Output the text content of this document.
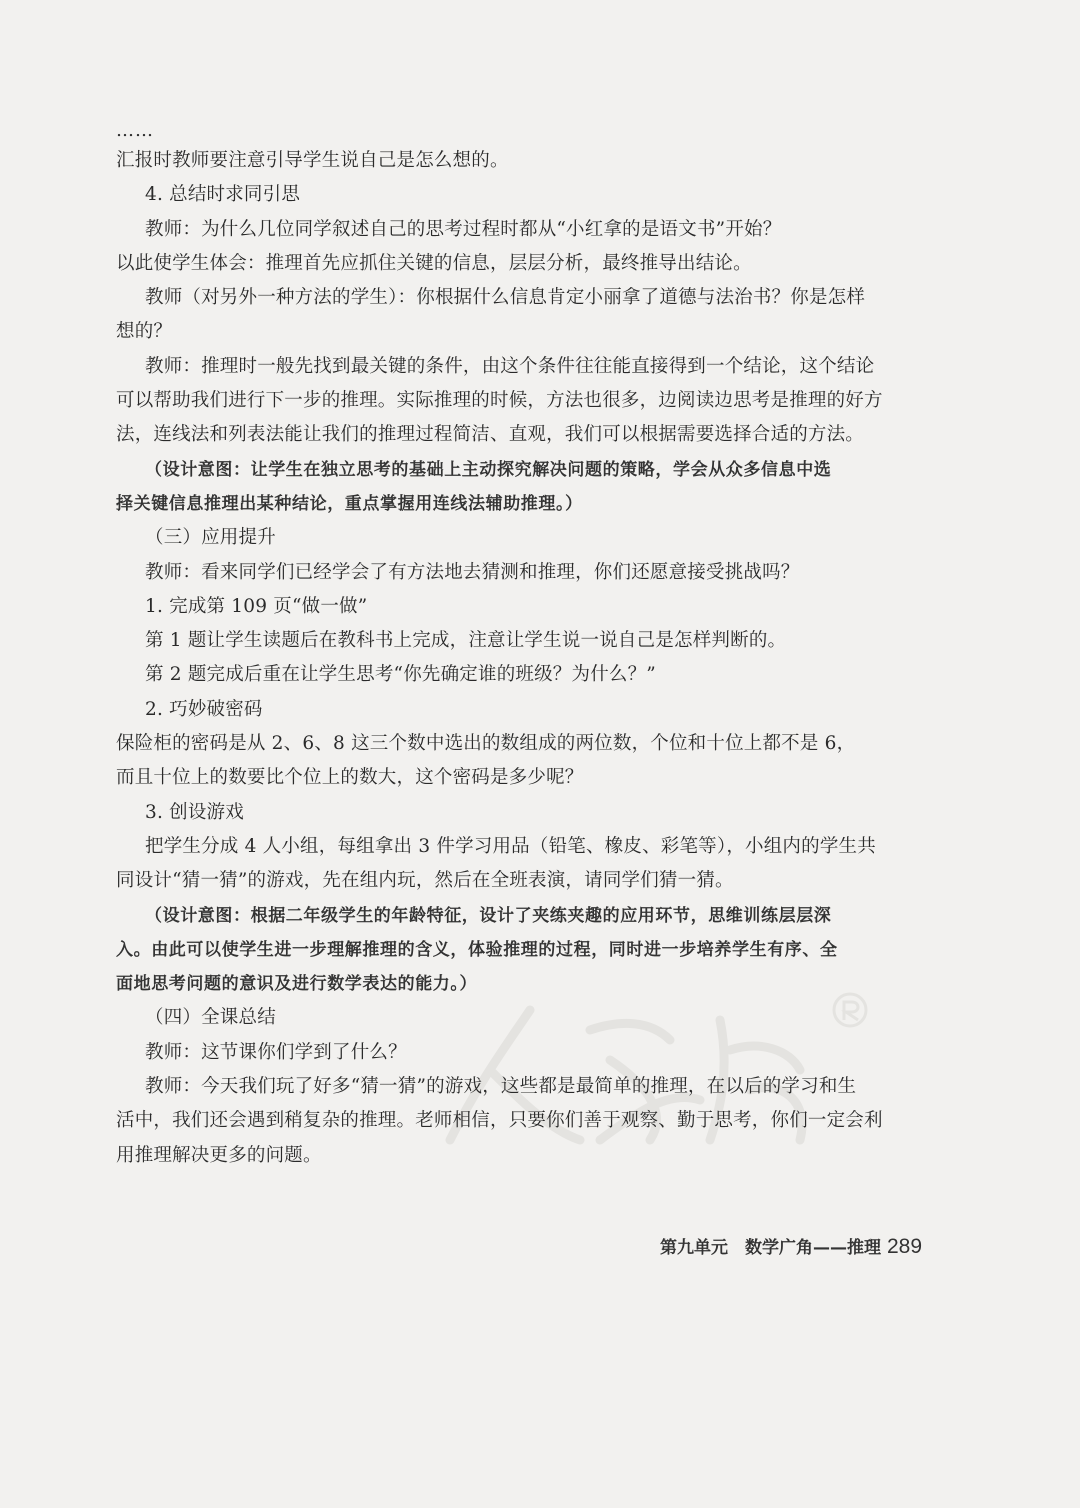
……

汇报时教师要注意引导学生说自己是怎么想的。

4. 总结时求同引思

教师：为什么几位同学叙述自己的思考过程时都从“小红拿的是语文书”开始？

以此使学生体会：推理首先应抓住关键的信息，层层分析，最终推导出结论。

教师（对另外一种方法的学生）：你根据什么信息肯定小丽拿了道德与法治书？你是怎样

想的？

教师：推理时一般先找到最关键的条件，由这个条件往往能直接得到一个结论，这个结论

可以帮助我们进行下一步的推理。实际推理的时候，方法也很多，边阅读边思考是推理的好方

法，连线法和列表法能让我们的推理过程简洁、直观，我们可以根据需要选择合适的方法。

（设计意图：让学生在独立思考的基础上主动探究解决问题的策略，学会从众多信息中选

择关键信息推理出某种结论，重点掌握用连线法辅助推理。）

（三）应用提升

教师：看来同学们已经学会了有方法地去猜测和推理，你们还愿意接受挑战吗？

1. 完成第 109 页“做一做”

第 1 题让学生读题后在教科书上完成，注意让学生说一说自己是怎样判断的。

第 2 题完成后重在让学生思考“你先确定谁的班级？为什么？”

2. 巧妙破密码

保险柜的密码是从 2、6、8 这三个数中选出的数组成的两位数，个位和十位上都不是 6，

而且十位上的数要比个位上的数大，这个密码是多少呢？

3. 创设游戏

把学生分成 4 人小组，每组拿出 3 件学习用品（铅笔、橡皮、彩笔等），小组内的学生共

同设计“猜一猜”的游戏，先在组内玩，然后在全班表演，请同学们猜一猜。

（设计意图：根据二年级学生的年龄特征，设计了夹练夹趣的应用环节，思维训练层层深

入。由此可以使学生进一步理解推理的含义，体验推理的过程，同时进一步培养学生有序、全

面地思考问题的意识及进行数学表达的能力。）

（四）全课总结

教师：这节课你们学到了什么？

教师：今天我们玩了好多“猜一猜”的游戏，这些都是最简单的推理，在以后的学习和生

活中，我们还会遇到稍复杂的推理。老师相信，只要你们善于观察、勤于思考，你们一定会利

用推理解决更多的问题。

第九单元　数学广角——推理 289
